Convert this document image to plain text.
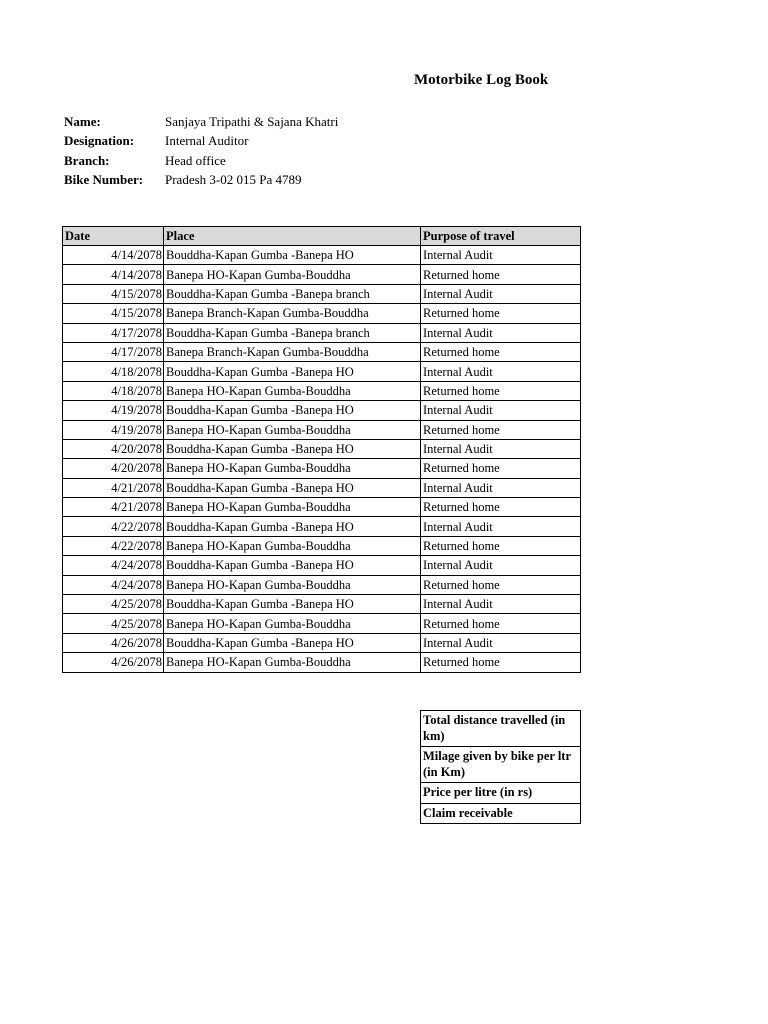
Motorbike Log Book
Name:	Sanjaya Tripathi & Sajana Khatri
Designation: Internal Auditor
Branch:	Head office
Bike Number: Pradesh 3-02 015 Pa 4789
Date	Place	Purpose of travel
4/14/2078	Bouddha-Kapan Gumba -Banepa HO	Internal Audit
4/14/2078	Banepa HO-Kapan Gumba-Bouddha	Returned home
4/15/2078	Bouddha-Kapan Gumba -Banepa branch	Internal Audit
4/15/2078	Banepa Branch-Kapan Gumba-Bouddha	Returned home
4/17/2078	Bouddha-Kapan Gumba -Banepa branch	Internal Audit
4/17/2078	Banepa Branch-Kapan Gumba-Bouddha	Returned home
4/18/2078	Bouddha-Kapan Gumba -Banepa HO	Internal Audit
4/18/2078	Banepa HO-Kapan Gumba-Bouddha	Returned home
4/19/2078	Bouddha-Kapan Gumba -Banepa HO	Internal Audit
4/19/2078	Banepa HO-Kapan Gumba-Bouddha	Returned home
4/20/2078	Bouddha-Kapan Gumba -Banepa HO	Internal Audit
4/20/2078	Banepa HO-Kapan Gumba-Bouddha	Returned home
4/21/2078	Bouddha-Kapan Gumba -Banepa HO	Internal Audit
4/21/2078	Banepa HO-Kapan Gumba-Bouddha	Returned home
4/22/2078	Bouddha-Kapan Gumba -Banepa HO	Internal Audit
4/22/2078	Banepa HO-Kapan Gumba-Bouddha	Returned home
4/24/2078	Bouddha-Kapan Gumba -Banepa HO	Internal Audit
4/24/2078	Banepa HO-Kapan Gumba-Bouddha	Returned home
4/25/2078	Bouddha-Kapan Gumba -Banepa HO	Internal Audit
4/25/2078	Banepa HO-Kapan Gumba-Bouddha	Returned home
4/26/2078	Bouddha-Kapan Gumba -Banepa HO	Internal Audit
4/26/2078	Banepa HO-Kapan Gumba-Bouddha	Returned home
Total distance travelled (in km)
Milage given by bike per ltr (in Km)
Price per litre (in rs)
Claim receivable
